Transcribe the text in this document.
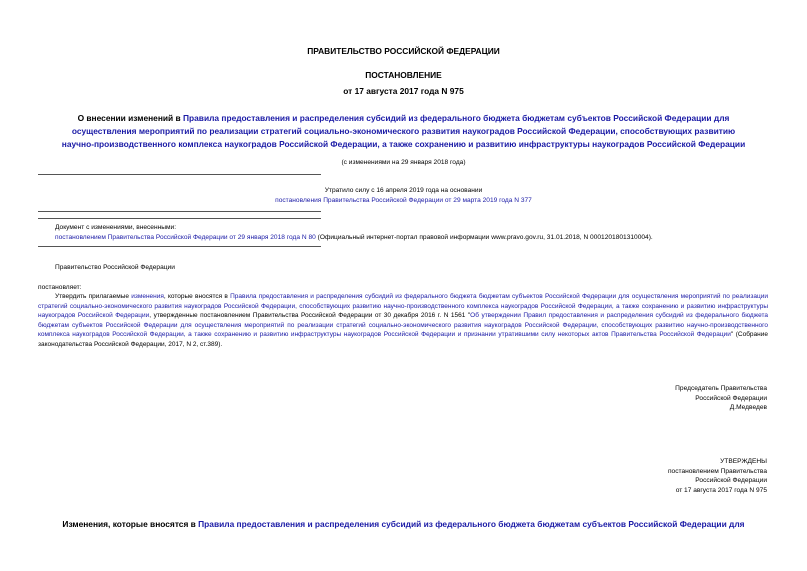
ПРАВИТЕЛЬСТВО РОССИЙСКОЙ ФЕДЕРАЦИИ
ПОСТАНОВЛЕНИЕ
от 17 августа 2017 года N 975
О внесении изменений в Правила предоставления и распределения субсидий из федерального бюджета бюджетам субъектов Российской Федерации для
осуществления мероприятий по реализации стратегий социально-экономического развития наукоградов Российской Федерации, способствующих развитию
научно-производственного комплекса наукоградов Российской Федерации, а также сохранению и развитию инфраструктуры наукоградов Российской Федерации
(с изменениями на 29 января 2018 года)
Утратило силу с 16 апреля 2019 года на основании
постановления Правительства Российской Федерации от 29 марта 2019 года N 377
Документ с изменениями, внесенными:
постановлением Правительства Российской Федерации от 29 января 2018 года N 80 (Официальный интернет-портал правовой информации www.pravo.gov.ru, 31.01.2018, N 0001201801310004).
Правительство Российской Федерации
постановляет:
Утвердить прилагаемые изменения, которые вносятся в Правила предоставления и распределения субсидий из федерального бюджета бюджетам субъектов Российской Федерации для осуществления мероприятий по реализации стратегий социально-экономического развития наукоградов Российской Федерации, способствующих развитию научно-производственного комплекса наукоградов Российской Федерации, а также сохранению и развитию инфраструктуры наукоградов Российской Федерации, утвержденные постановлением Правительства Российской Федерации от 30 декабря 2016 г. N 1561 "Об утверждении Правил предоставления и распределения субсидий из федерального бюджета бюджетам субъектов Российской Федерации для осуществления мероприятий по реализации стратегий социально-экономического развития наукоградов Российской Федерации, способствующих развитию научно-производственного комплекса наукоградов Российской Федерации, а также сохранению и развитию инфраструктуры наукоградов Российской Федерации и признании утратившими силу некоторых актов Правительства Российской Федерации" (Собрание законодательства Российской Федерации, 2017, N 2, ст.389).
Председатель Правительства
Российской Федерации
Д.Медведев
УТВЕРЖДЕНЫ
постановлением Правительства
Российской Федерации
от 17 августа 2017 года N 975
Изменения, которые вносятся в Правила предоставления и распределения субсидий из федерального бюджета бюджетам субъектов Российской Федерации для
